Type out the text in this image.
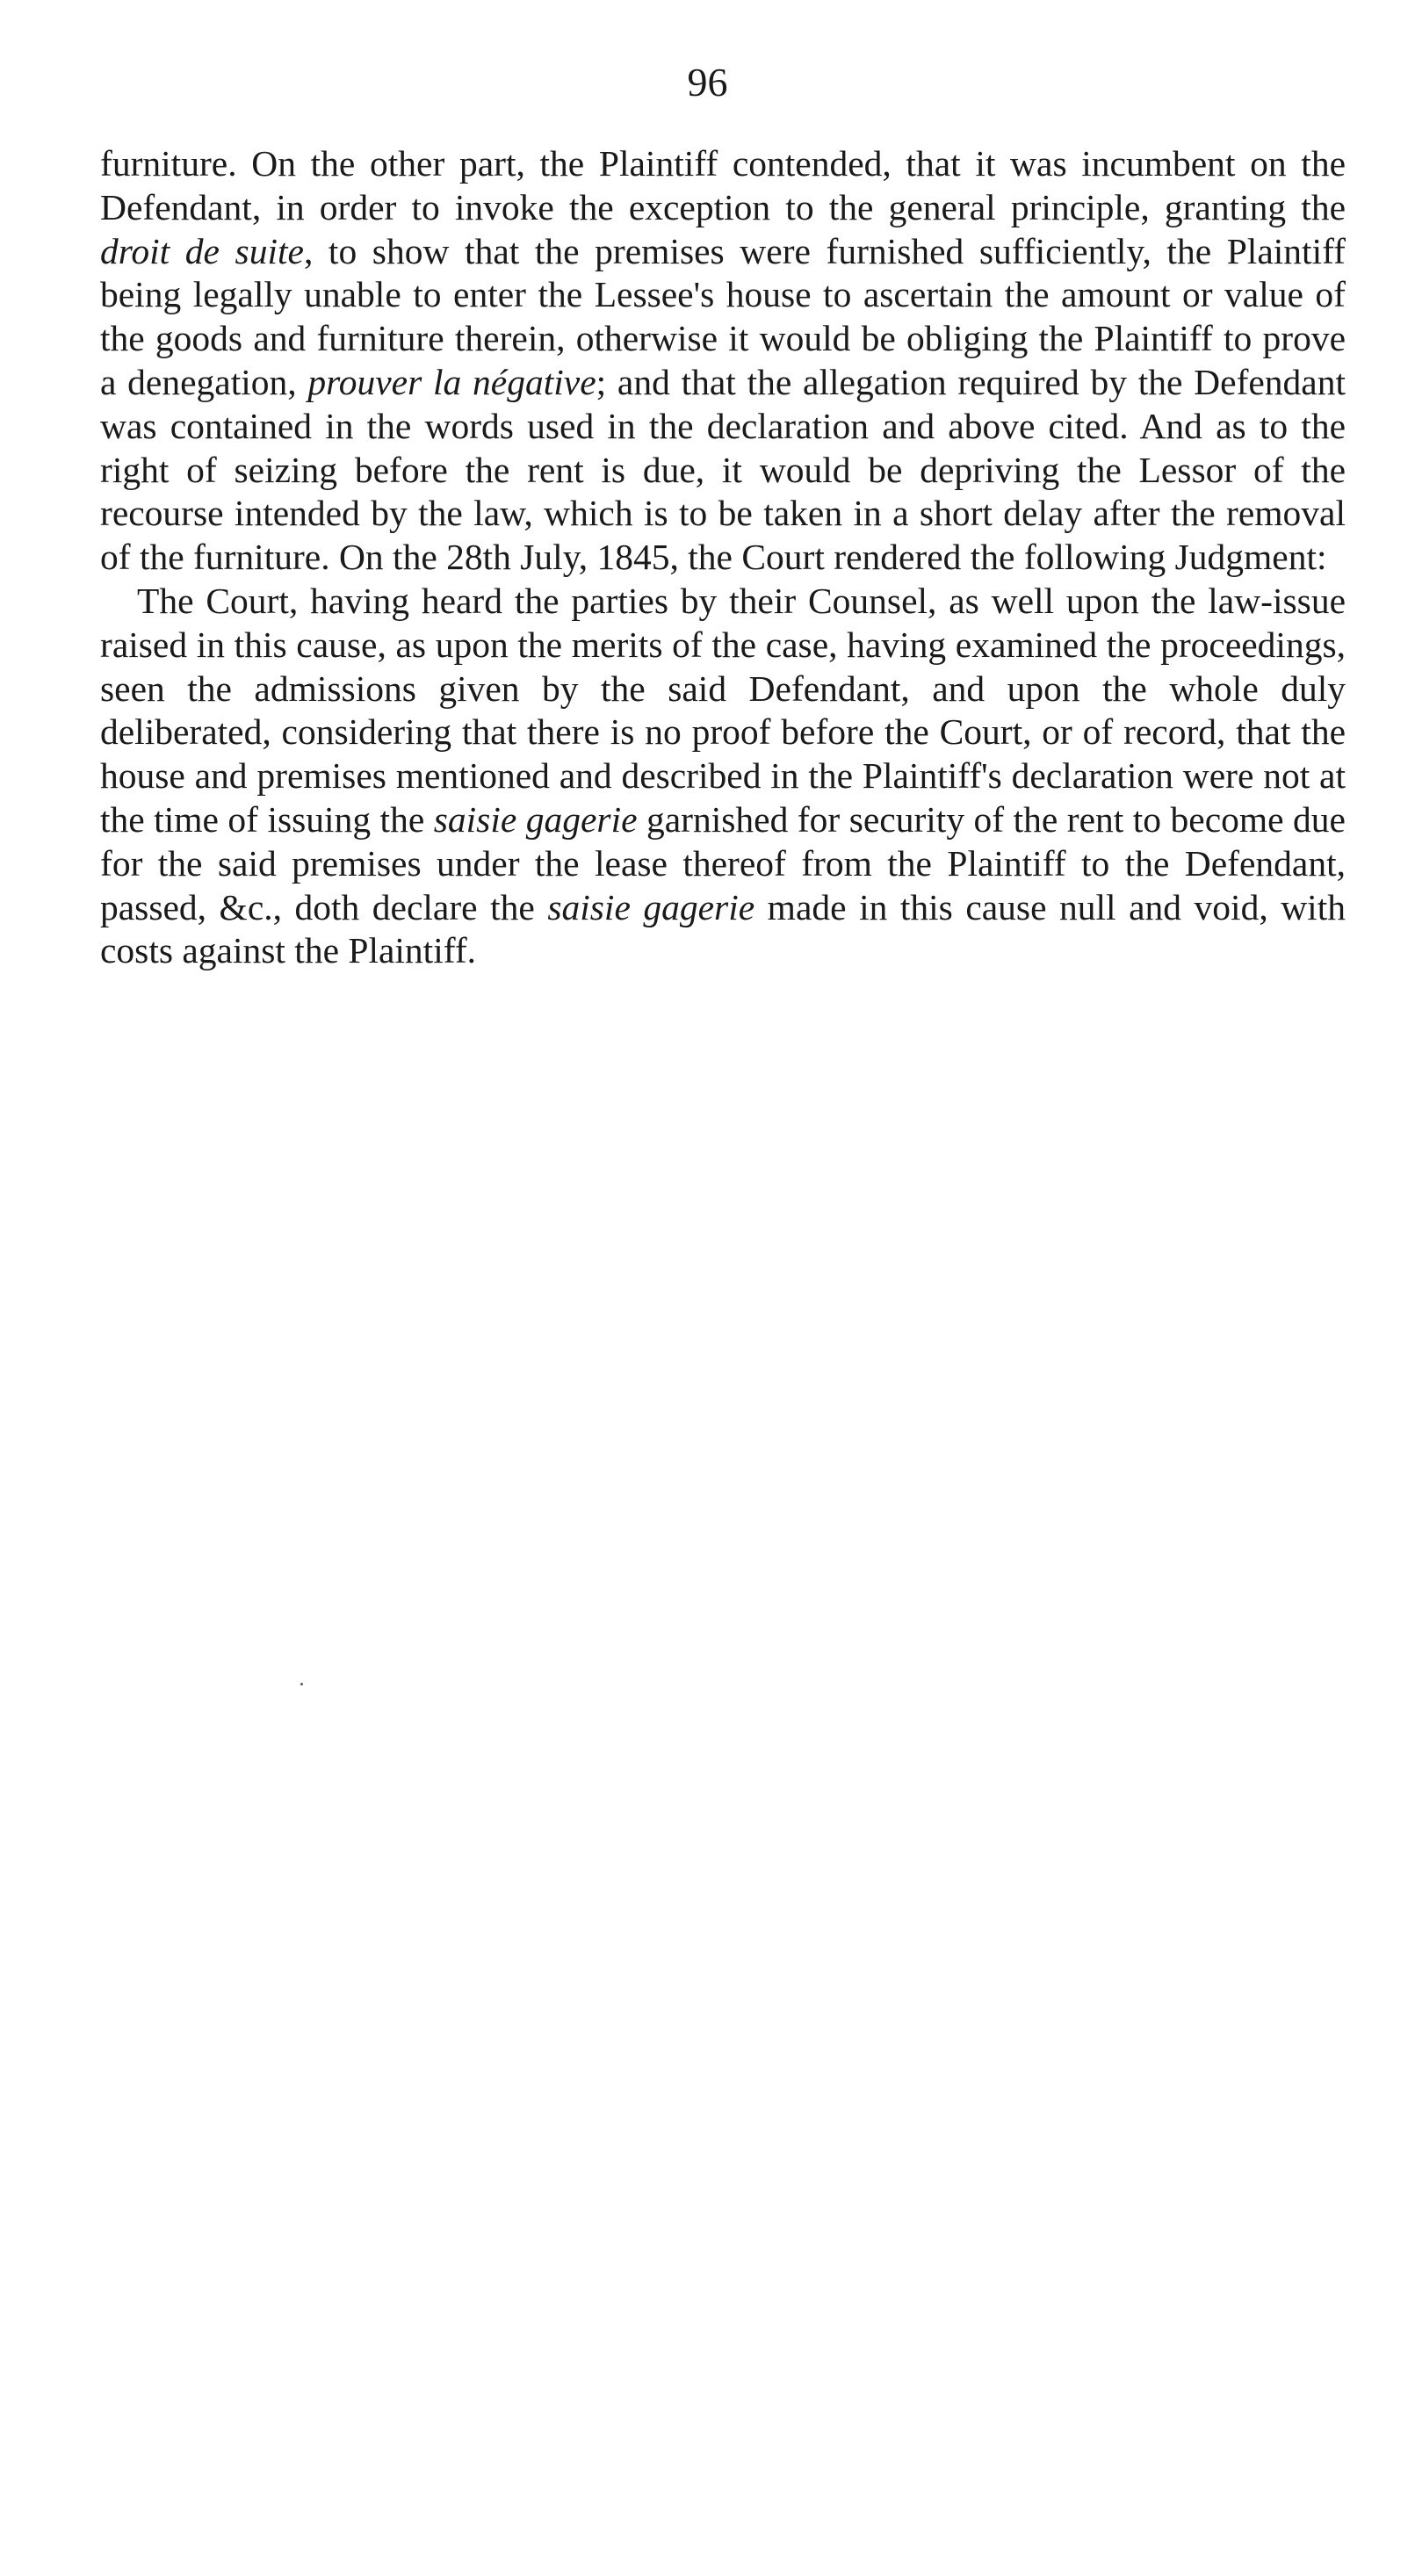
96

furniture. On the other part, the Plaintiff contended, that it was incumbent on the Defendant, in order to invoke the exception to the general principle, granting the droit de suite, to show that the premises were furnished sufficiently, the Plaintiff being legally unable to enter the Lessee's house to ascertain the amount or value of the goods and furniture therein, otherwise it would be obliging the Plaintiff to prove a denegation, prouver la négative; and that the allegation required by the Defendant was contained in the words used in the declaration and above cited. And as to the right of seizing before the rent is due, it would be depriving the Lessor of the recourse intended by the law, which is to be taken in a short delay after the removal of the furniture. On the 28th July, 1845, the Court rendered the following Judgment:

The Court, having heard the parties by their Counsel, as well upon the law-issue raised in this cause, as upon the merits of the case, having examined the proceedings, seen the admissions given by the said Defendant, and upon the whole duly deliberated, considering that there is no proof before the Court, or of record, that the house and premises mentioned and described in the Plaintiff's declaration were not at the time of issuing the saisie gagerie garnished for security of the rent to become due for the said premises under the lease thereof from the Plaintiff to the Defendant, passed, &c., doth declare the saisie gagerie made in this cause null and void, with costs against the Plaintiff.
